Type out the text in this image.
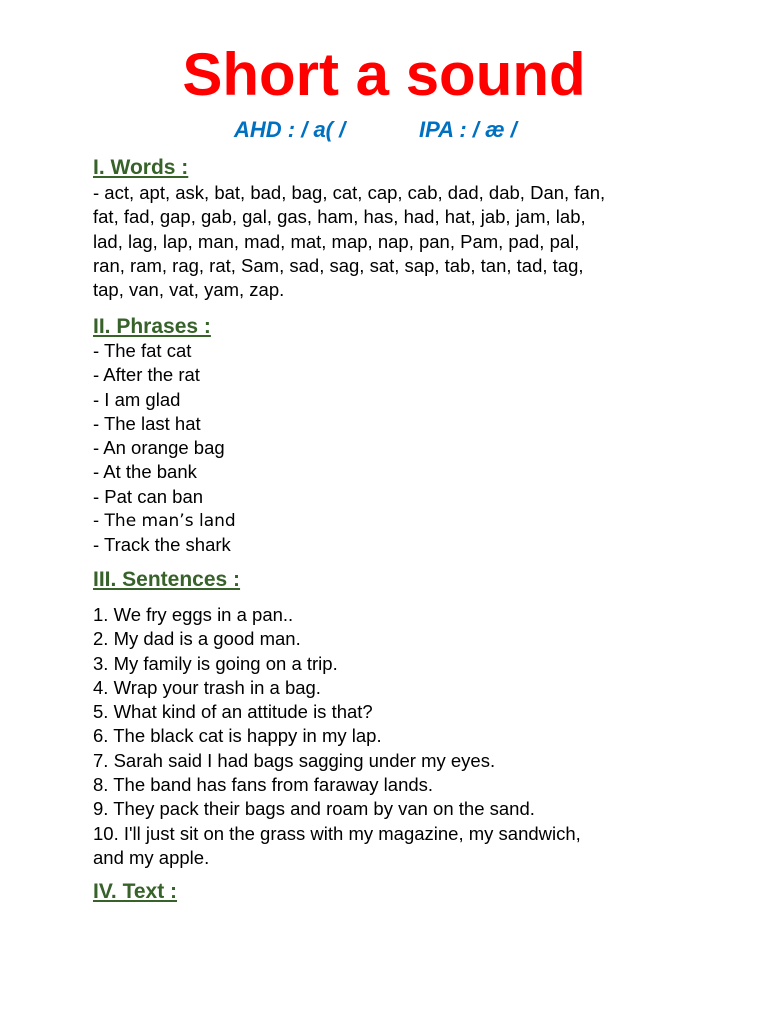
Short a sound
AHD : / a( /	IPA : / æ /
I. Words :
- act, apt, ask, bat, bad, bag, cat, cap, cab, dad, dab, Dan, fan,
fat, fad, gap, gab, gal, gas, ham, has, had, hat, jab, jam, lab,
lad, lag, lap, man, mad, mat, map, nap, pan, Pam, pad, pal,
ran, ram, rag, rat, Sam, sad, sag, sat, sap, tab, tan, tad, tag,
tap, van, vat, yam, zap.
II. Phrases :
- The fat cat
- After the rat
- I am glad
- The last hat
- An orange bag
- At the bank
- Pat can ban
- The man’s land
- Track the shark
III. Sentences :
1. We fry eggs in a pan..
2. My dad is a good man.
3. My family is going on a trip.
4. Wrap your trash in a bag.
5. What kind of an attitude is that?
6. The black cat is happy in my lap.
7. Sarah said I had bags sagging under my eyes.
8. The band has fans from faraway lands.
9. They pack their bags and roam by van on the sand.
10. I'll just sit on the grass with my magazine, my sandwich,
and my apple.
IV. Text :
